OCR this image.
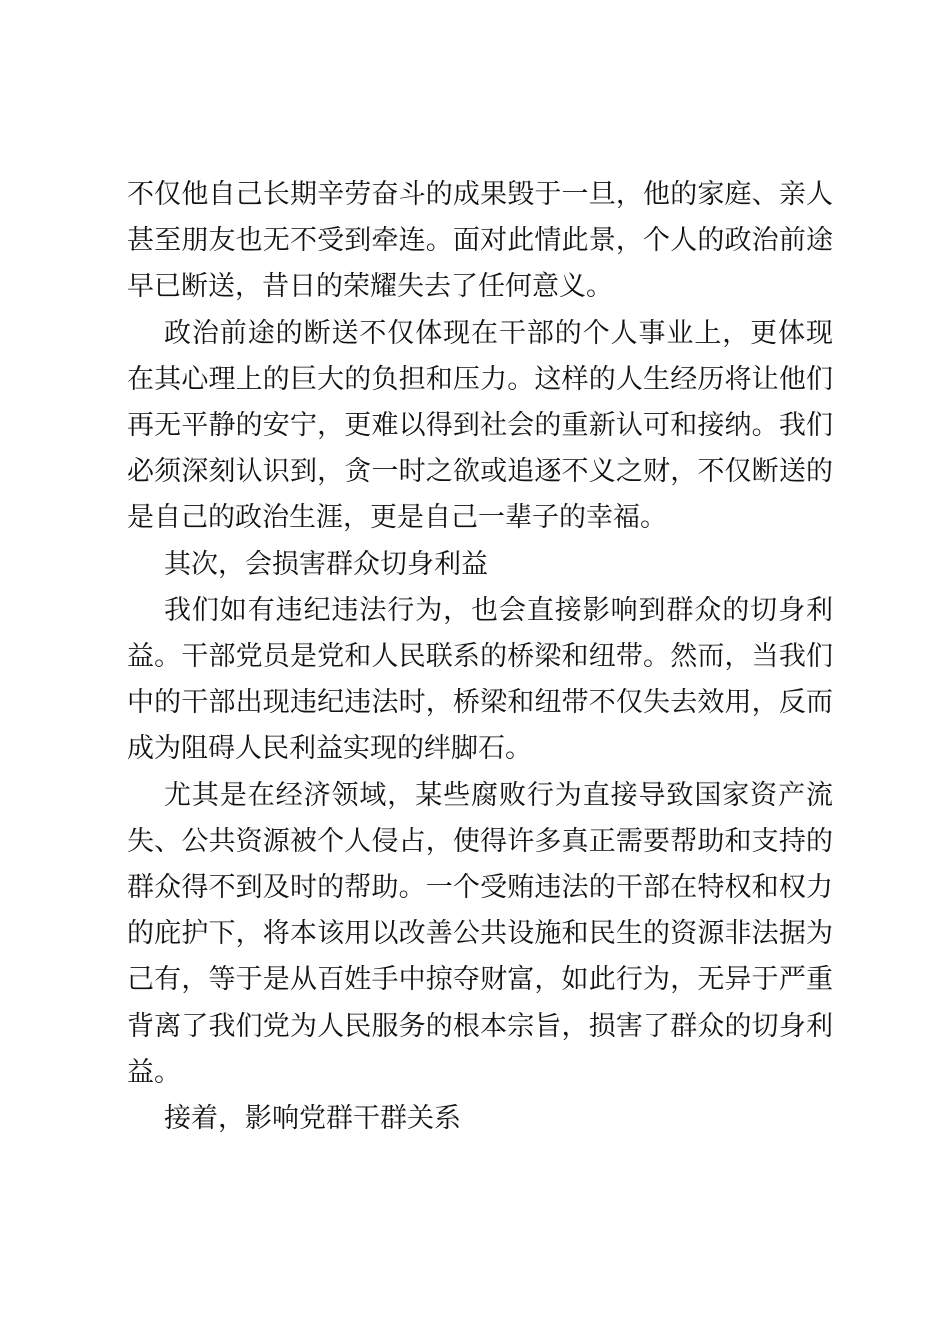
不仅他自己长期辛劳奋斗的成果毁于一旦，他的家庭、亲人甚至朋友也无不受到牵连。面对此情此景，个人的政治前途早已断送，昔日的荣耀失去了任何意义。

政治前途的断送不仅体现在干部的个人事业上，更体现在其心理上的巨大的负担和压力。这样的人生经历将让他们再无平静的安宁，更难以得到社会的重新认可和接纳。我们必须深刻认识到，贪一时之欲或追逐不义之财，不仅断送的是自己的政治生涯，更是自己一辈子的幸福。

其次，会损害群众切身利益

我们如有违纪违法行为，也会直接影响到群众的切身利益。干部党员是党和人民联系的桥梁和纽带。然而，当我们中的干部出现违纪违法时，桥梁和纽带不仅失去效用，反而成为阻碍人民利益实现的绊脚石。

尤其是在经济领域，某些腐败行为直接导致国家资产流失、公共资源被个人侵占，使得许多真正需要帮助和支持的群众得不到及时的帮助。一个受贿违法的干部在特权和权力的庇护下，将本该用以改善公共设施和民生的资源非法据为己有，等于是从百姓手中掠夺财富，如此行为，无异于严重背离了我们党为人民服务的根本宗旨，损害了群众的切身利益。

接着，影响党群干群关系
